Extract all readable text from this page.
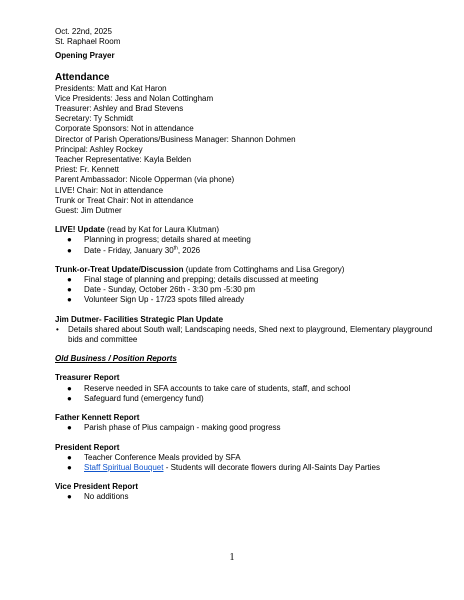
Oct. 22nd, 2025
St. Raphael Room
Opening Prayer
Attendance
Presidents: Matt and Kat Haron
Vice Presidents: Jess and Nolan Cottingham
Treasurer: Ashley and Brad Stevens
Secretary: Ty Schmidt
Corporate Sponsors: Not in attendance
Director of Parish Operations/Business Manager: Shannon Dohmen
Principal: Ashley Rockey
Teacher Representative: Kayla Belden
Priest: Fr. Kennett
Parent Ambassador: Nicole Opperman (via phone)
LIVE! Chair: Not in attendance
Trunk or Treat Chair: Not in attendance
Guest: Jim Dutmer
LIVE! Update (read by Kat for Laura Klutman)
● Planning in progress; details shared at meeting
● Date - Friday, January 30th, 2026
Trunk-or-Treat Update/Discussion (update from Cottinghams and Lisa Gregory)
● Final stage of planning and prepping; details discussed at meeting
● Date - Sunday, October 26th - 3:30 pm -5:30 pm
● Volunteer Sign Up - 17/23 spots filled already
Jim Dutmer- Facilities Strategic Plan Update
• Details shared about South wall; Landscaping needs, Shed next to playground, Elementary playground bids and committee
Old Business / Position Reports
Treasurer Report
● Reserve needed in SFA accounts to take care of students, staff, and school
● Safeguard fund (emergency fund)
Father Kennett Report
● Parish phase of Pius campaign - making good progress
President Report
● Teacher Conference Meals provided by SFA
● Staff Spiritual Bouquet - Students will decorate flowers during All-Saints Day Parties
Vice President Report
● No additions
1
